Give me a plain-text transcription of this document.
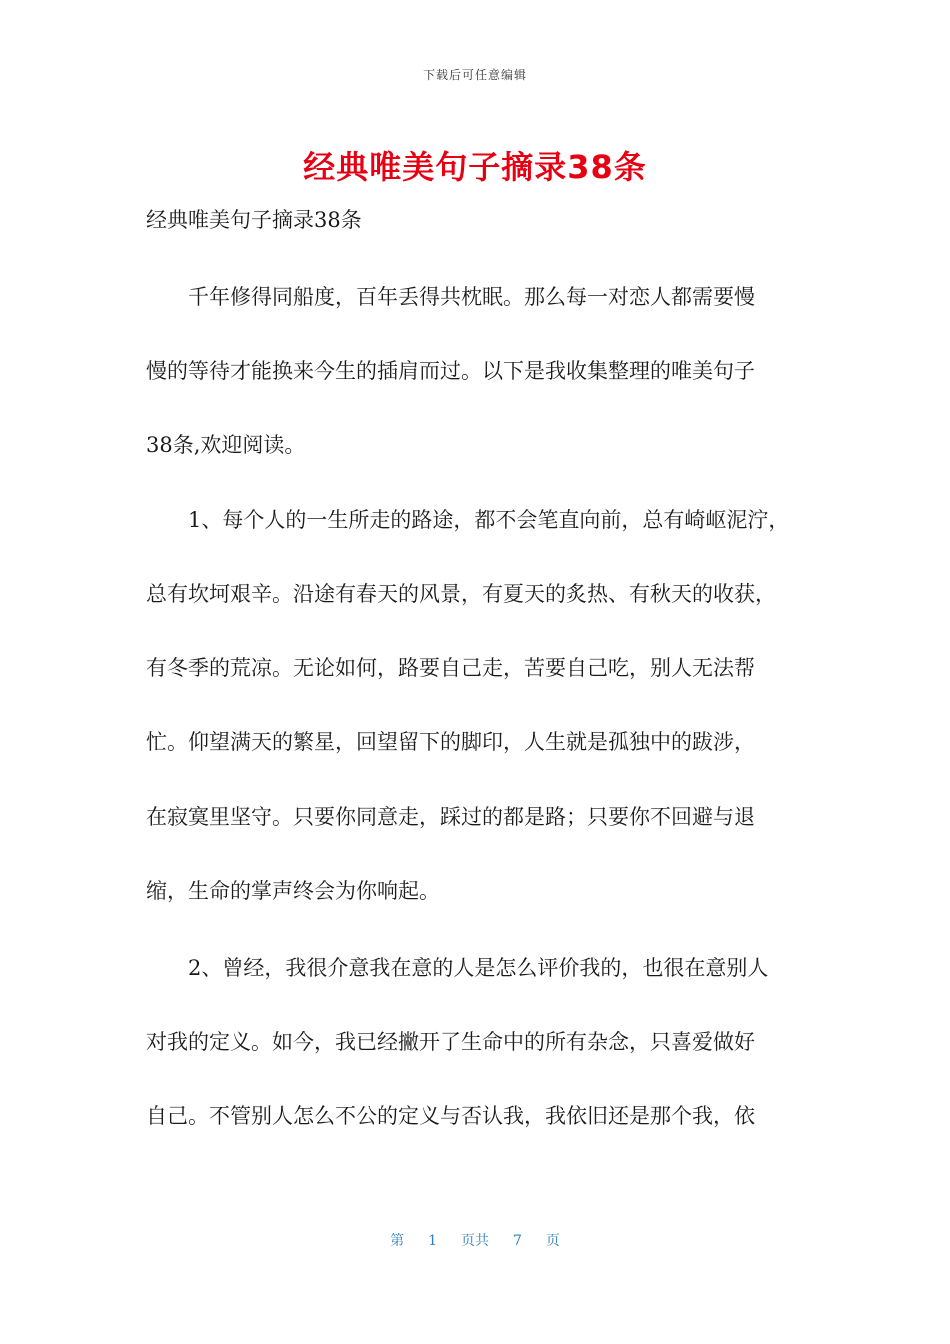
下载后可任意编辑
经典唯美句子摘录38条
经典唯美句子摘录38条
　　千年修得同船度，百年丢得共枕眠。那么每一对恋人都需要慢
慢的等待才能换来今生的插肩而过。以下是我收集整理的唯美句子
38条,欢迎阅读。
　　1、每个人的一生所走的路途，都不会笔直向前，总有崎岖泥泞，
总有坎坷艰辛。沿途有春天的风景，有夏天的炙热、有秋天的收获，
有冬季的荒凉。无论如何，路要自己走，苦要自己吃，别人无法帮
忙。仰望满天的繁星，回望留下的脚印，人生就是孤独中的跋涉，
在寂寞里坚守。只要你同意走，踩过的都是路；只要你不回避与退
缩，生命的掌声终会为你响起。
　　2、曾经，我很介意我在意的人是怎么评价我的，也很在意别人
对我的定义。如今，我已经撇开了生命中的所有杂念，只喜爱做好
自己。不管别人怎么不公的定义与否认我，我依旧还是那个我，依
第 1 页共 7 页
